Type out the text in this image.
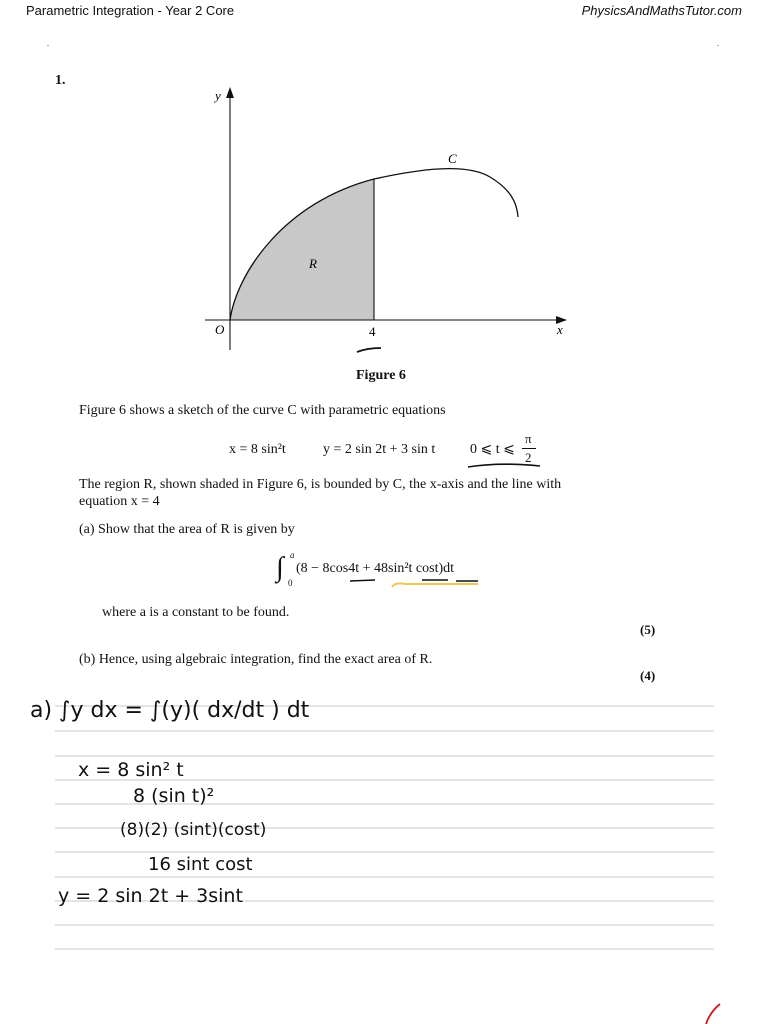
Parametric Integration - Year 2 Core	PhysicsAndMathsTutor.com
1.
y
x
O	4
C
R
Figure 6
Figure 6 shows a sketch of the curve C with parametric equations
x = 8 sin²t	y = 2 sin 2t + 3 sin t 0 ⩽ t ⩽
π
2
The region R, shown shaded in Figure 6, is bounded by C, the x-axis and the line with
equation x = 4
(a) Show that the area of R is given by
∫ a
0
(8 − 8cos4t + 48sin²t cost)dt
where a is a constant to be found.
(5)
(b) Hence, using algebraic integration, find the exact area of R.
(4)
a) ∫y dx = ∫(y)( dx/dt ) dt
x = 8 sin² t
8 (sin t)²
(8)(2) (sint)(cost)
16 sint cost
y = 2 sin 2t + 3sint
